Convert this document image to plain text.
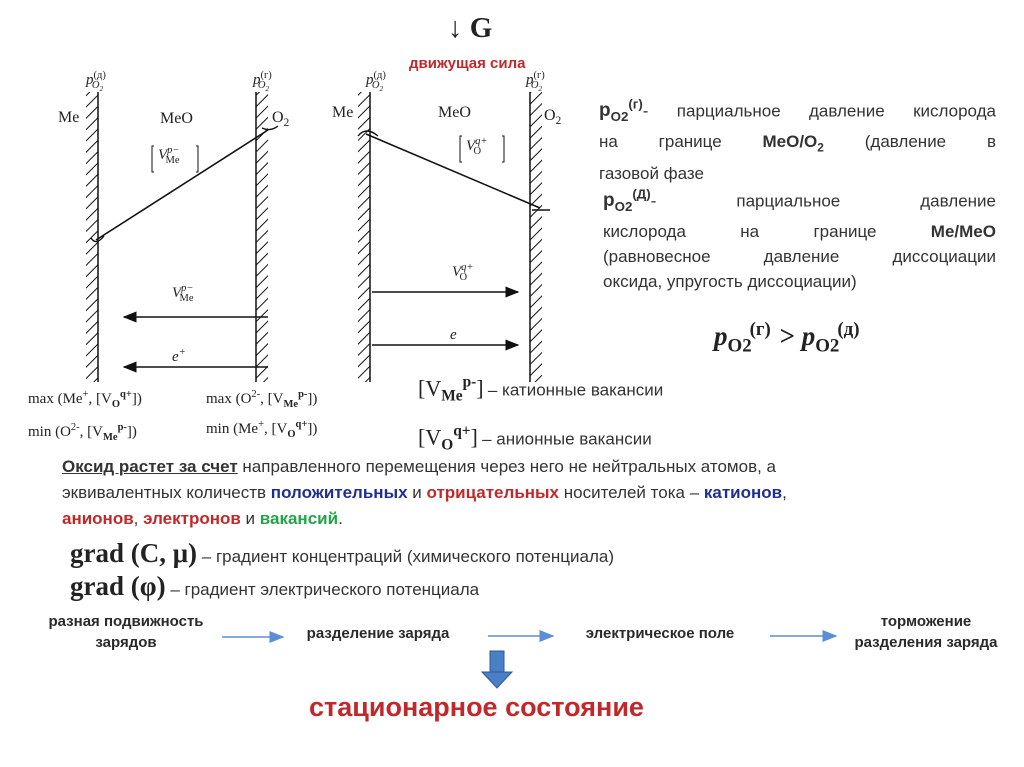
↓ G
движущая сила
$p^{(д)}_{O_2}$
$p^{(г)}_{O_2}$
Me	MeO	$O_2$
$V^{p-}_{Me}$
$V^{p-}_{Me}$
e+
$p^{(д)}_{O_2}$
$p^{(г)}_{O_2}$
Me	MeO	$O_2$
$V^{q+}_O$
$V^{q+}_O$
e
max (Me+, $[V_O^{q+}]$)
$\min (O^{2-}$, $[V_{Me}^{p-}]$)
$\max (O^{2-}$, $[V_{Me}^{p-}]$)
min (Me+, $[V_O^{q+}]$)
$p_{O2}^{(г)}-$ парциальное давление кислорода
на границе MeO/$O_2$ (давление в
газовой фазе
$p_{O2}^{(Д)}-$	парциальное	давление
кислорода	на	границе	Me/MeO
(равновесное давление диссоциации
оксида, упругость диссоциации)
$p_{O2}^{(г)} > p_{O2}^{(д)}$
$[V_{Me}^{p-}]$ – катионные вакансии
$[V_O^{q+}]$ – анионные вакансии
Оксид растет за счет направленного перемещения через него не нейтральных атомов, а
эквивалентных количеств положительных и отрицательных носителей тока – катионов,
анионов, электронов и вакансий.
grad (C, μ) – градиент концентраций (химического потенциала)
grad (φ) – градиент электрического потенциала
разная подвижность
зарядов
разделение заряда	электрическое поле
торможение
разделения заряда
стационарное состояние
